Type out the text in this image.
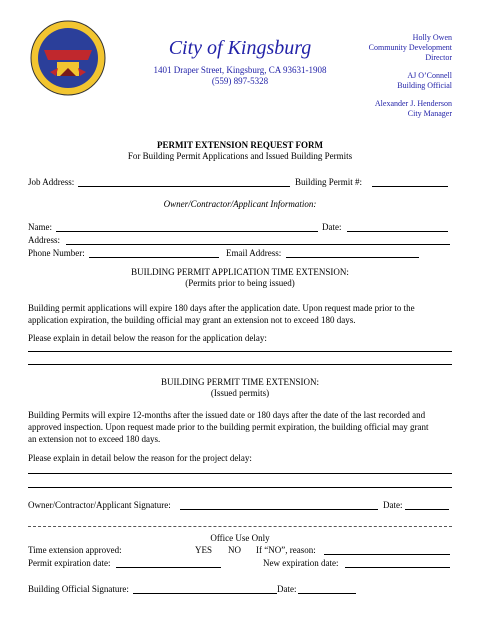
City of Kingsburg
1401 Draper Street, Kingsburg, CA 93631-1908
(559) 897-5328
Holly Owen
Community Development
Director
AJ O’Connell
Building Official
Alexander J. Henderson
City Manager
PERMIT EXTENSION REQUEST FORM
For Building Permit Applications and Issued Building Permits
Job Address:	Building Permit #:
Owner/Contractor/Applicant Information:
Name:	Date:
Address:
Phone Number:	Email Address:
BUILDING PERMIT APPLICATION TIME EXTENSION:
(Permits prior to being issued)
Building permit applications will expire 180 days after the application date. Upon request made prior to the
application expiration, the building official may grant an extension not to exceed 180 days.
Please explain in detail below the reason for the application delay:
BUILDING PERMIT TIME EXTENSION:
(Issued permits)
Building Permits will expire 12-months after the issued date or 180 days after the date of the last recorded and
approved inspection. Upon request made prior to the building permit expiration, the building official may grant
an extension not to exceed 180 days.
Please explain in detail below the reason for the project delay:
Owner/Contractor/Applicant Signature:	Date:
Office Use Only
Time extension approved:	YES NO If “NO”, reason:
Permit expiration date:	New expiration date:
Building Official Signature:	Date:
